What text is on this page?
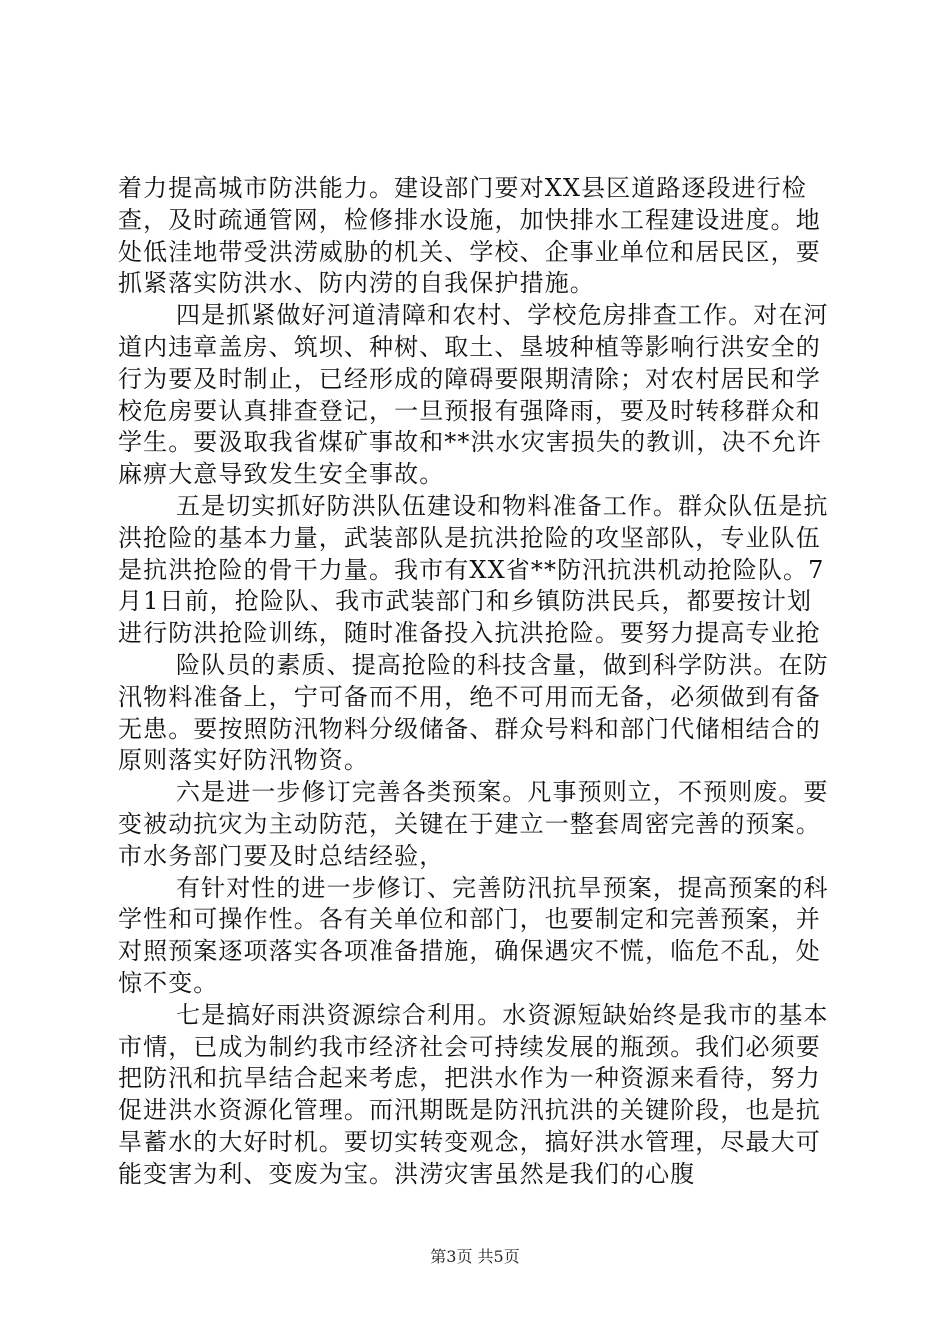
着力提高城市防洪能力。建设部门要对XX县区道路逐段进行检查，及时疏通管网，检修排水设施，加快排水工程建设进度。地处低洼地带受洪涝威胁的机关、学校、企事业单位和居民区，要抓紧落实防洪水、防内涝的自我保护措施。

四是抓紧做好河道清障和农村、学校危房排查工作。对在河道内违章盖房、筑坝、种树、取土、垦坡种植等影响行洪安全的行为要及时制止，已经形成的障碍要限期清除；对农村居民和学校危房要认真排查登记，一旦预报有强降雨，要及时转移群众和学生。要汲取我省煤矿事故和**洪水灾害损失的教训，决不允许麻痹大意导致发生安全事故。

五是切实抓好防洪队伍建设和物料准备工作。群众队伍是抗洪抢险的基本力量，武装部队是抗洪抢险的攻坚部队，专业队伍是抗洪抢险的骨干力量。我市有XX省**防汛抗洪机动抢险队。7月1日前，抢险队、我市武装部门和乡镇防洪民兵，都要按计划进行防洪抢险训练，随时准备投入抗洪抢险。要努力提高专业抢

险队员的素质、提高抢险的科技含量，做到科学防洪。在防汛物料准备上，宁可备而不用，绝不可用而无备，必须做到有备无患。要按照防汛物料分级储备、群众号料和部门代储相结合的原则落实好防汛物资。

六是进一步修订完善各类预案。凡事预则立，不预则废。要变被动抗灾为主动防范，关键在于建立一整套周密完善的预案。市水务部门要及时总结经验，

有针对性的进一步修订、完善防汛抗旱预案，提高预案的科学性和可操作性。各有关单位和部门，也要制定和完善预案，并对照预案逐项落实各项准备措施，确保遇灾不慌，临危不乱，处惊不变。

七是搞好雨洪资源综合利用。水资源短缺始终是我市的基本市情，已成为制约我市经济社会可持续发展的瓶颈。我们必须要把防汛和抗旱结合起来考虑，把洪水作为一种资源来看待，努力促进洪水资源化管理。而汛期既是防汛抗洪的关键阶段，也是抗旱蓄水的大好时机。要切实转变观念，搞好洪水管理，尽最大可能变害为利、变废为宝。洪涝灾害虽然是我们的心腹

第3页 共5页
